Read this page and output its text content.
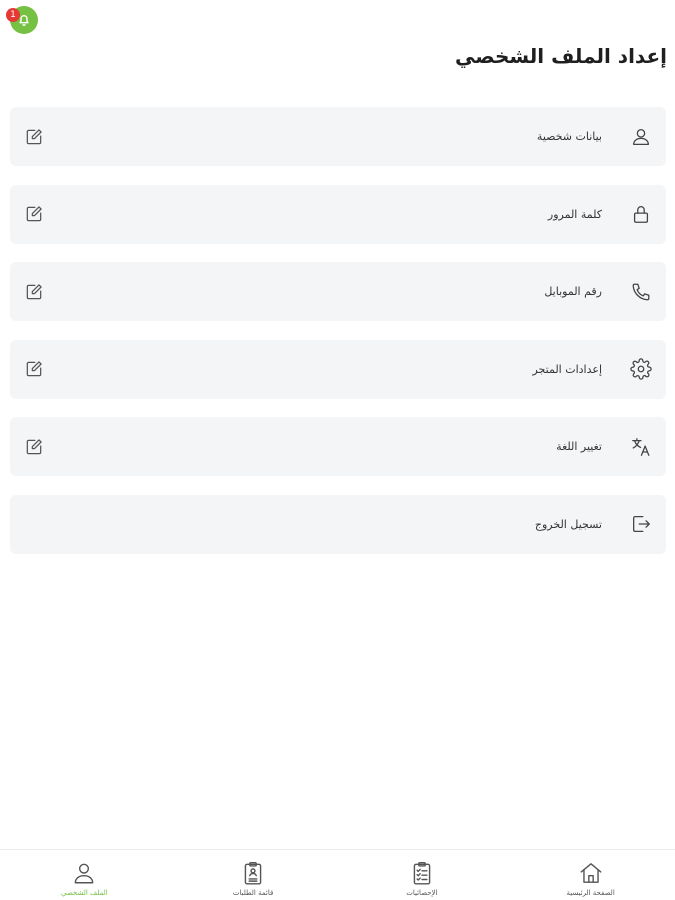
1
إعداد الملف الشخصي
بيانات شخصية
كلمة المرور
رقم الموبايل
إعدادات المتجر
تغيير اللغة
تسجيل الخروج
الملف الشخصي	قائمة الطلبات	الإحصائيات	الصفحة الرئيسية
